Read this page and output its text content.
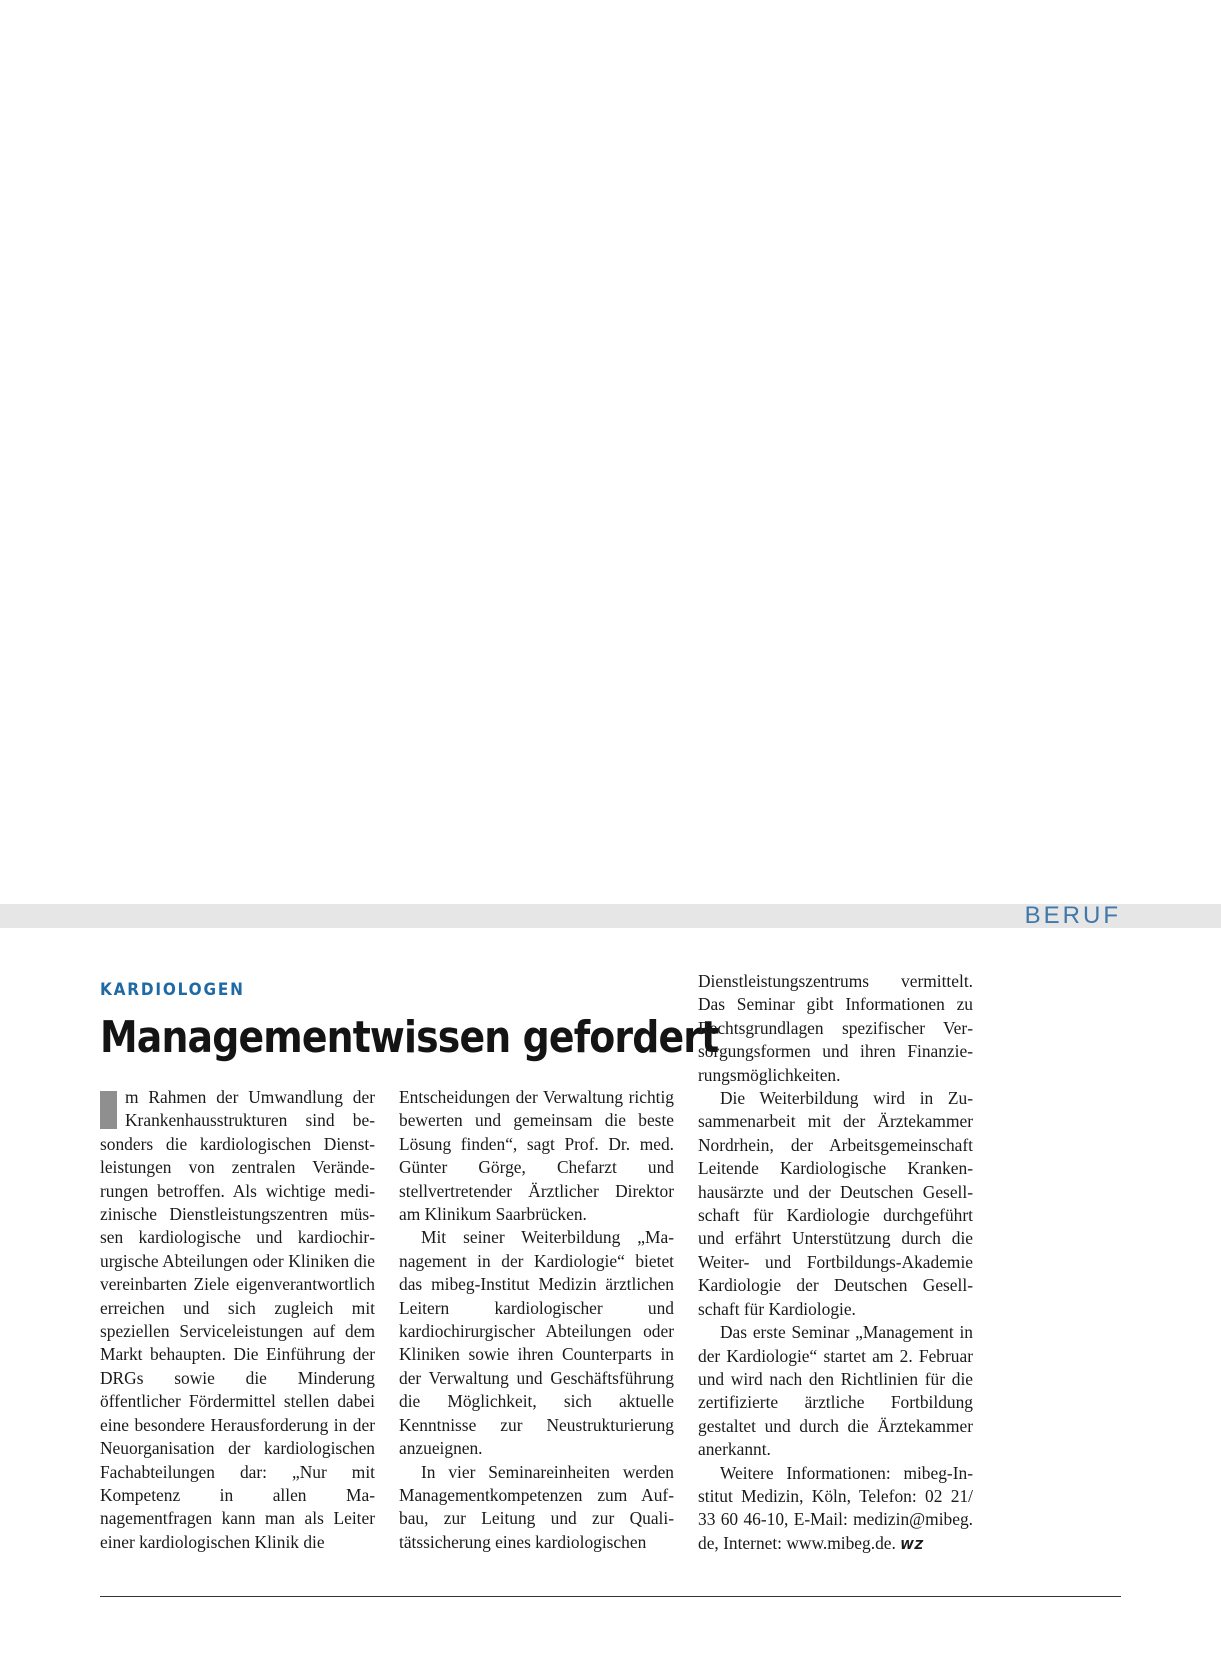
BERUF
KARDIOLOGEN
Managementwissen gefordert

m Rahmen der Umwandlung der Krankenhausstrukturen sind besonders die kardiologischen Dienstleistungen von zentralen Veränderungen betroffen. Als wichtige medizinische Dienstleistungszentren müssen kardiologische und kardiochirurgische Abteilungen oder Kliniken die vereinbarten Ziele eigenverantwortlich erreichen und sich zugleich mit speziellen Serviceleistungen auf dem Markt behaupten. Die Einführung der DRGs sowie die Minderung öffentlicher Fördermittel stellen dabei eine besondere Herausforderung in der Neuorganisation der kardiologischen Fachabteilungen dar: „Nur mit Kompetenz in allen Managementfragen kann man als Leiter einer kardiologischen Klinik die

Entscheidungen der Verwaltung richtig bewerten und gemeinsam die beste Lösung finden“, sagt Prof. Dr. med. Günter Görge, Chefarzt und stellvertretender Ärztlicher Direktor am Klinikum Saarbrücken.

Mit seiner Weiterbildung „Management in der Kardiologie“ bietet das mibeg-Institut Medizin ärztlichen Leitern kardiologischer und kardiochirurgischer Abteilungen oder Kliniken sowie ihren Counterparts in der Verwaltung und Geschäftsführung die Möglichkeit, sich aktuelle Kenntnisse zur Neustrukturierung anzueignen.

In vier Seminareinheiten werden Managementkompetenzen zum Aufbau, zur Leitung und zur Qualitätssicherung eines kardiologischen

Dienstleistungszentrums vermittelt. Das Seminar gibt Informationen zu Rechtsgrundlagen spezifischer Versorgungsformen und ihren Finanzierungsmöglichkeiten.

Die Weiterbildung wird in Zusammenarbeit mit der Ärztekammer Nordrhein, der Arbeitsgemeinschaft Leitende Kardiologische Krankenhausärzte und der Deutschen Gesellschaft für Kardiologie durchgeführt und erfährt Unterstützung durch die Weiter- und Fortbildungs-Akademie Kardiologie der Deutschen Gesellschaft für Kardiologie.

Das erste Seminar „Management in der Kardiologie“ startet am 2. Februar und wird nach den Richtlinien für die zertifizierte ärztliche Fortbildung gestaltet und durch die Ärztekammer anerkannt.

Weitere Informationen: mibeg-Institut Medizin, Köln, Telefon: 02 21/ 33 60 46-10, E-Mail: medizin@mibeg. de, Internet: www.mibeg.de. WZ
